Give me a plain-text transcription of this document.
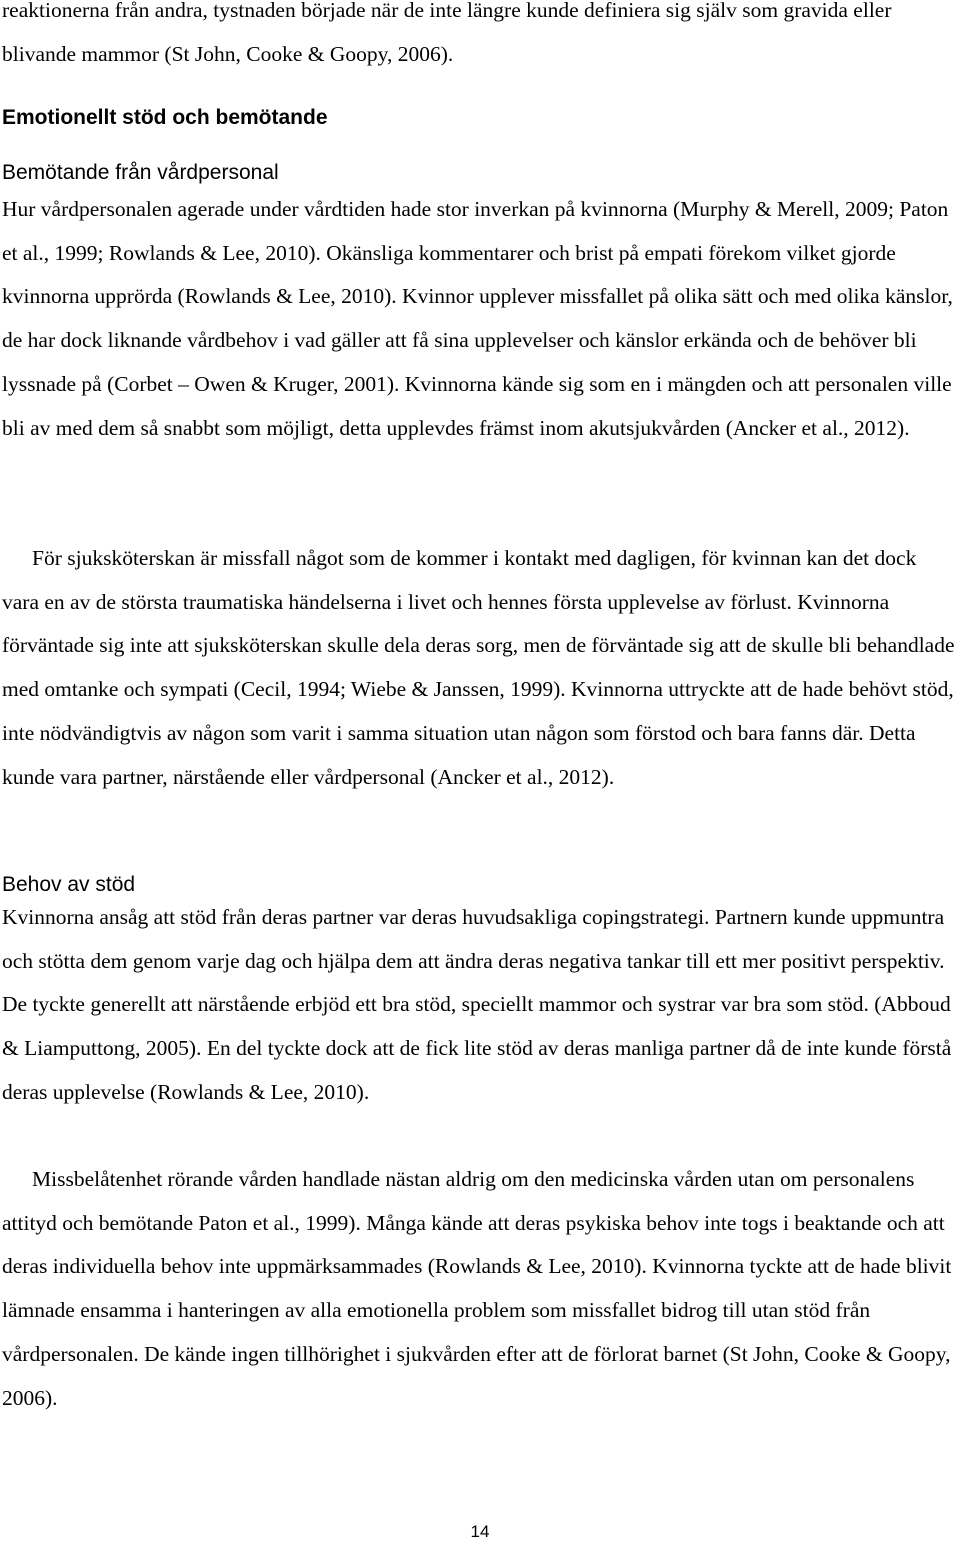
reaktionerna från andra, tystnaden började när de inte längre kunde definiera sig själv som gravida eller blivande mammor (St John, Cooke & Goopy, 2006).

Emotionellt stöd och bemötande
Bemötande från vårdpersonal

Hur vårdpersonalen agerade under vårdtiden hade stor inverkan på kvinnorna (Murphy & Merell, 2009; Paton et al., 1999; Rowlands & Lee, 2010). Okänsliga kommentarer och brist på empati förekom vilket gjorde kvinnorna upprörda (Rowlands & Lee, 2010). Kvinnor upplever missfallet på olika sätt och med olika känslor, de har dock liknande vårdbehov i vad gäller att få sina upplevelser och känslor erkända och de behöver bli lyssnade på (Corbet – Owen & Kruger, 2001). Kvinnorna kände sig som en i mängden och att personalen ville bli av med dem så snabbt som möjligt, detta upplevdes främst inom akutsjukvården (Ancker et al., 2012).

För sjuksköterskan är missfall något som de kommer i kontakt med dagligen, för kvinnan kan det dock vara en av de största traumatiska händelserna i livet och hennes första upplevelse av förlust. Kvinnorna förväntade sig inte att sjuksköterskan skulle dela deras sorg, men de förväntade sig att de skulle bli behandlade med omtanke och sympati (Cecil, 1994; Wiebe & Janssen, 1999). Kvinnorna uttryckte att de hade behövt stöd, inte nödvändigtvis av någon som varit i samma situation utan någon som förstod och bara fanns där. Detta kunde vara partner, närstående eller vårdpersonal (Ancker et al., 2012).

Behov av stöd

Kvinnorna ansåg att stöd från deras partner var deras huvudsakliga copingstrategi. Partnern kunde uppmuntra och stötta dem genom varje dag och hjälpa dem att ändra deras negativa tankar till ett mer positivt perspektiv. De tyckte generellt att närstående erbjöd ett bra stöd, speciellt mammor och systrar var bra som stöd. (Abboud & Liamputtong, 2005). En del tyckte dock att de fick lite stöd av deras manliga partner då de inte kunde förstå deras upplevelse (Rowlands & Lee, 2010).

Missbelåtenhet rörande vården handlade nästan aldrig om den medicinska vården utan om personalens attityd och bemötande Paton et al., 1999). Många kände att deras psykiska behov inte togs i beaktande och att deras individuella behov inte uppmärksammades (Rowlands & Lee, 2010). Kvinnorna tyckte att de hade blivit lämnade ensamma i hanteringen av alla emotionella problem som missfallet bidrog till utan stöd från vårdpersonalen. De kände ingen tillhörighet i sjukvården efter att de förlorat barnet (St John, Cooke & Goopy, 2006).

14
